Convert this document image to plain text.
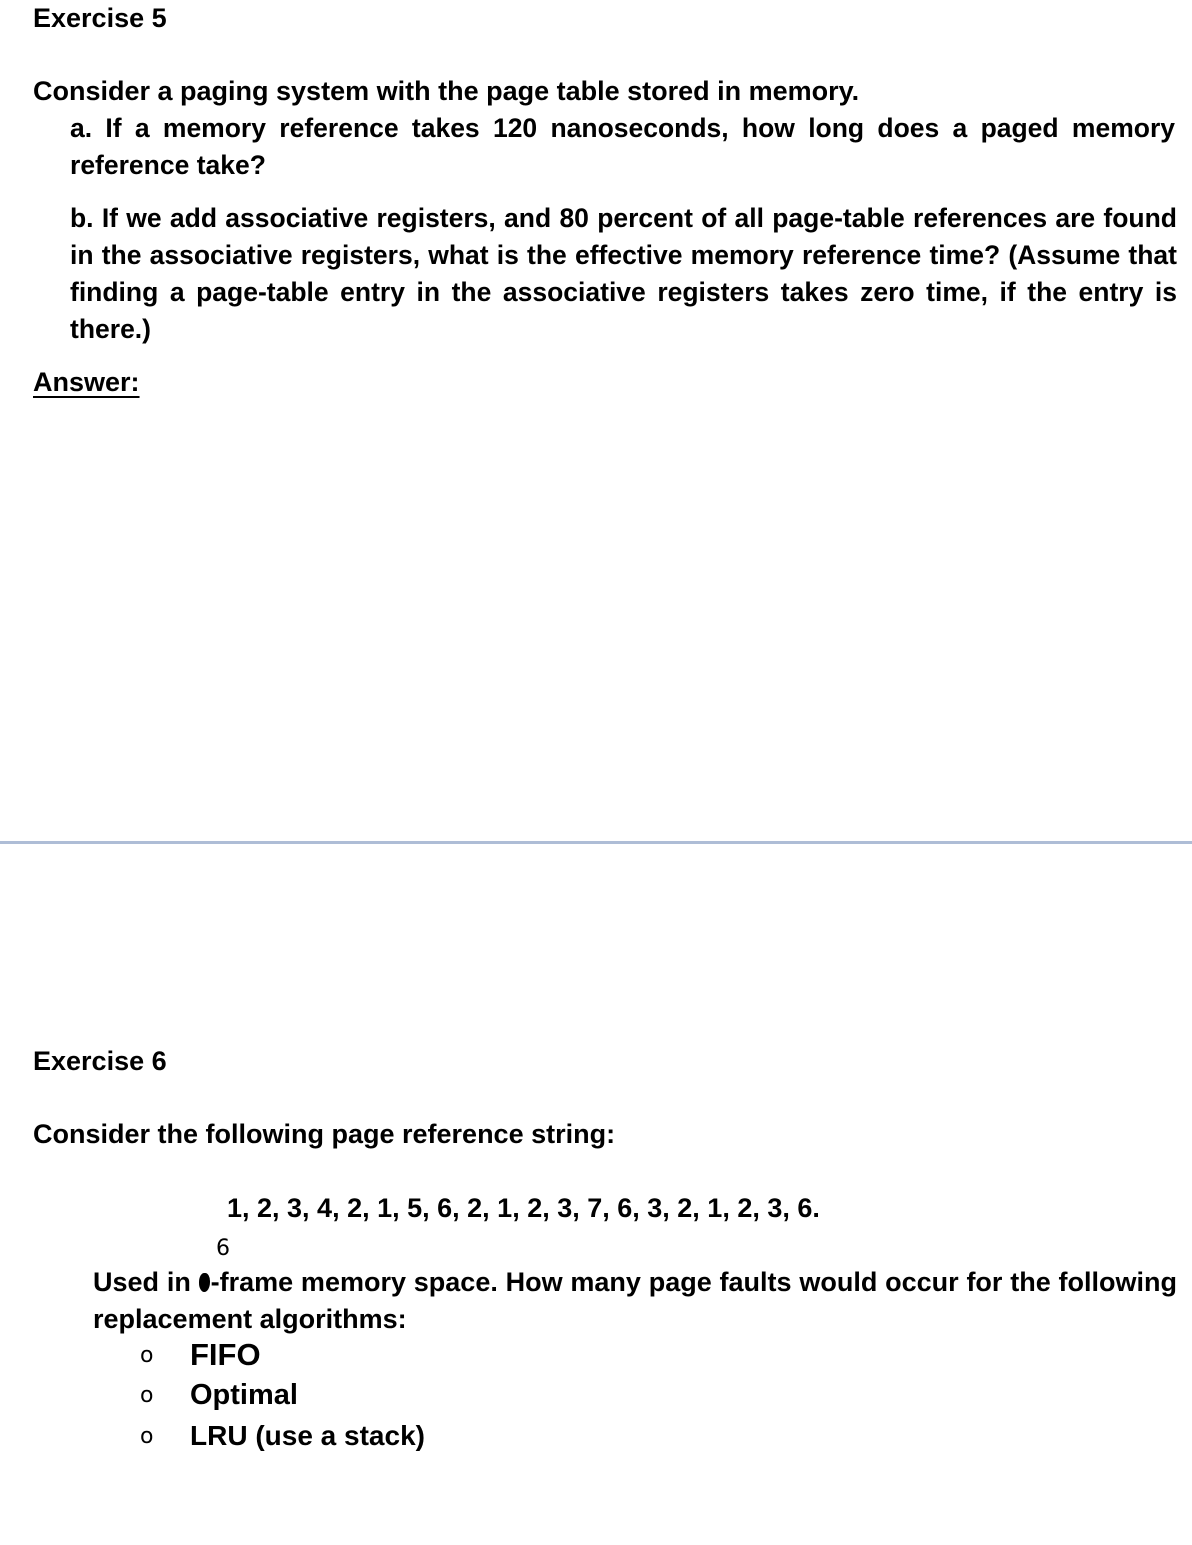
Exercise 5
Consider a paging system with the page table stored in memory.
a. If a memory reference takes 120 nanoseconds, how long does a paged memory reference take?
b. If we add associative registers, and 80 percent of all page-table references are found in the associative registers, what is the effective memory reference time? (Assume that finding a page-table entry in the associative registers takes zero time, if the entry is there.)
Answer:
Exercise 6
Consider the following page reference string:
1, 2, 3, 4, 2, 1, 5, 6, 2, 1, 2, 3, 7, 6, 3, 2, 1, 2, 3, 6.
6
Used in -frame memory space. How many page faults would occur for the following replacement algorithms:
o	FIFO
o	Optimal
o	LRU (use a stack)
